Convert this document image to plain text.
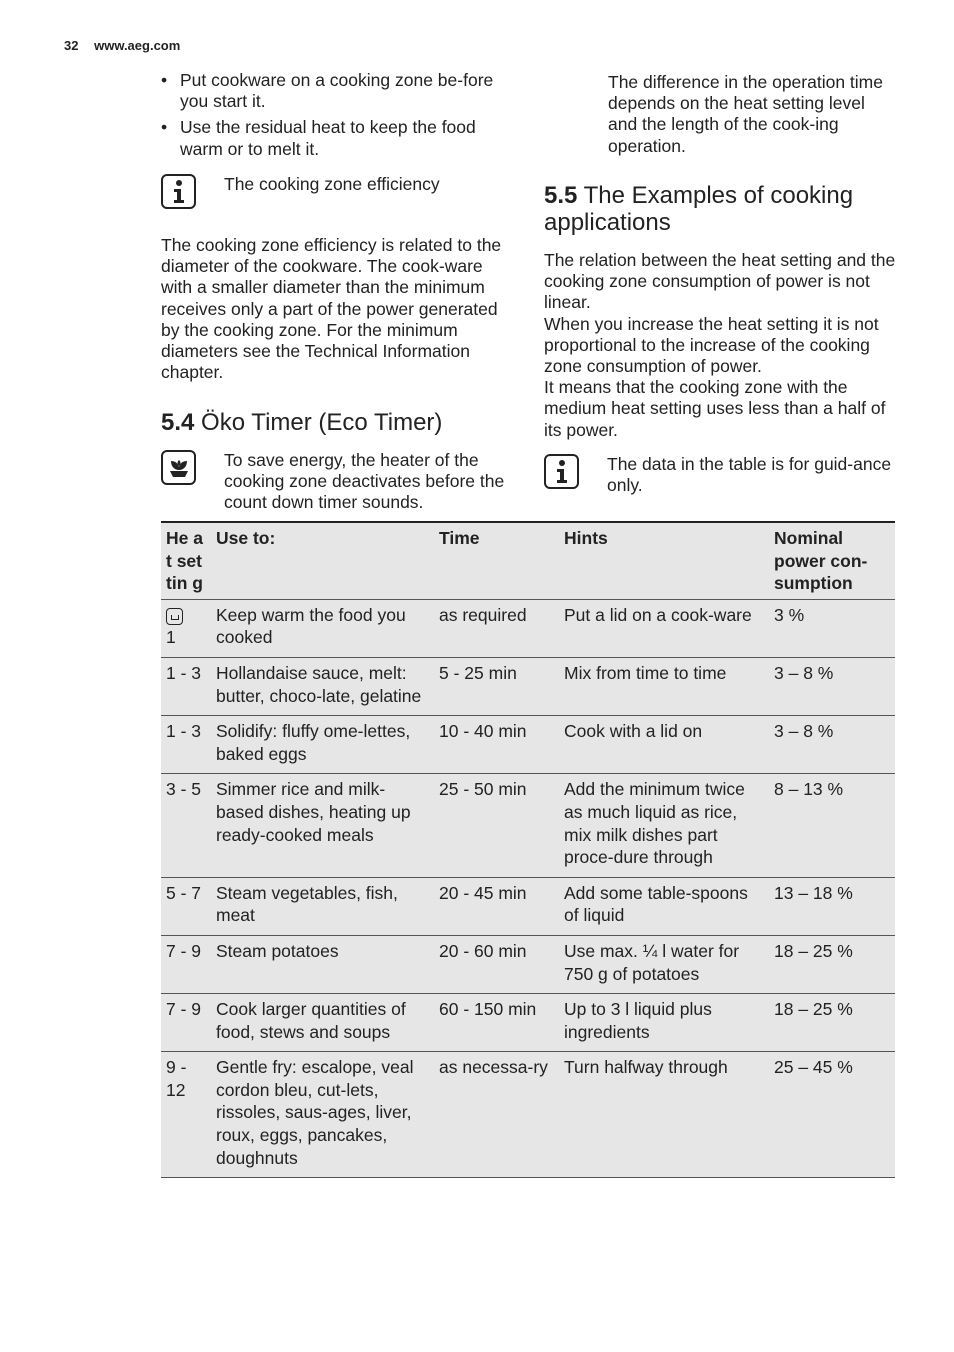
32 www.aeg.com
• Put cookware on a cooking zone be-fore you start it.
• Use the residual heat to keep the food warm or to melt it.
The cooking zone efficiency
The cooking zone efficiency is related to the diameter of the cookware. The cook-ware with a smaller diameter than the minimum receives only a part of the power generated by the cooking zone. For the minimum diameters see the Technical Information chapter.
5.4 Öko Timer (Eco Timer)
To save energy, the heater of the cooking zone deactivates before the count down timer sounds.
The difference in the operation time depends on the heat setting level and the length of the cook-ing operation.
5.5 The Examples of cooking applications

The relation between the heat setting and the cooking zone consumption of power is not linear.

When you increase the heat setting it is not proportional to the increase of the cooking zone consumption of power.

It means that the cooking zone with the medium heat setting uses less than a half of its power.

The data in the table is for guid-ance only.
He at set tin g	Use to:	Time	Hints	Nominal power con-sumption

1	Keep warm the food you cooked	as required	Put a lid on a cook-ware	3 %
1 - 3	Hollandaise sauce, melt: butter, choco-late, gelatine	5 - 25 min	Mix from time to time	3 – 8 %
1 - 3	Solidify: fluffy ome-lettes, baked eggs	10 - 40 min	Cook with a lid on	3 – 8 %
3 - 5	Simmer rice and milk-based dishes, heating up ready-cooked meals	25 - 50 min	Add the minimum twice as much liquid as rice, mix milk dishes part proce-dure through	8 – 13 %
5 - 7	Steam vegetables, fish, meat	20 - 45 min	Add some table-spoons of liquid	13 – 18 %
7 - 9	Steam potatoes	20 - 60 min	Use max. ¼ l water for 750 g of potatoes	18 – 25 %
7 - 9	Cook larger quantities of food, stews and soups	60 - 150 min	Up to 3 l liquid plus ingredients	18 – 25 %
9 - 12	Gentle fry: escalope, veal cordon bleu, cut-lets, rissoles, saus-ages, liver, roux, eggs, pancakes, doughnuts	as necessa-ry	Turn halfway through	25 – 45 %
